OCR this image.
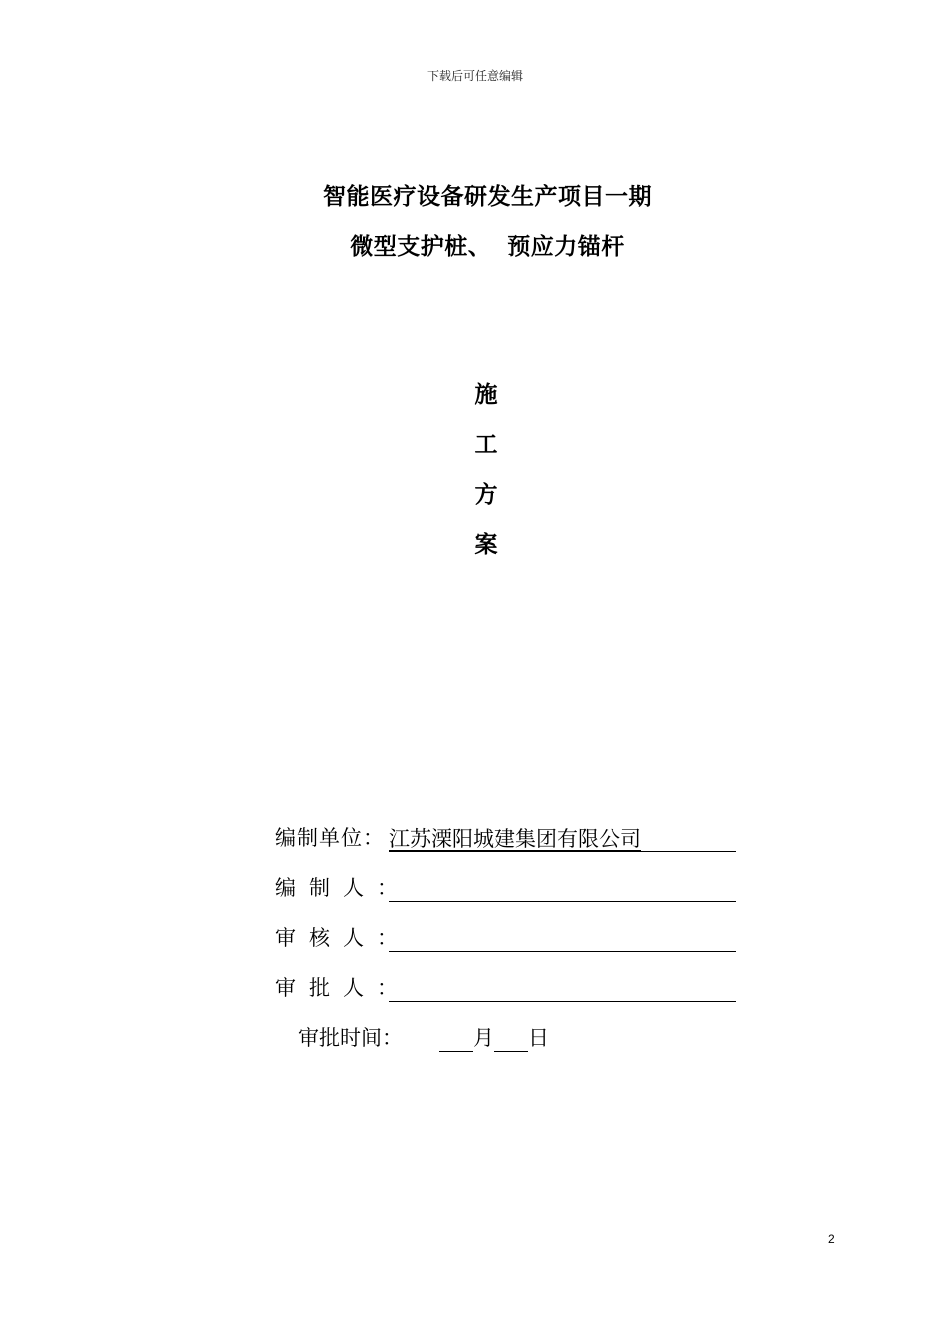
下载后可任意编辑
智能医疗设备研发生产项目一期
微型支护桩、 预应力锚杆
施
工
方
案
编制单位： 江苏溧阳城建集团有限公司
编制人：
审核人：
审批人：
审批时间：	月 日
2
